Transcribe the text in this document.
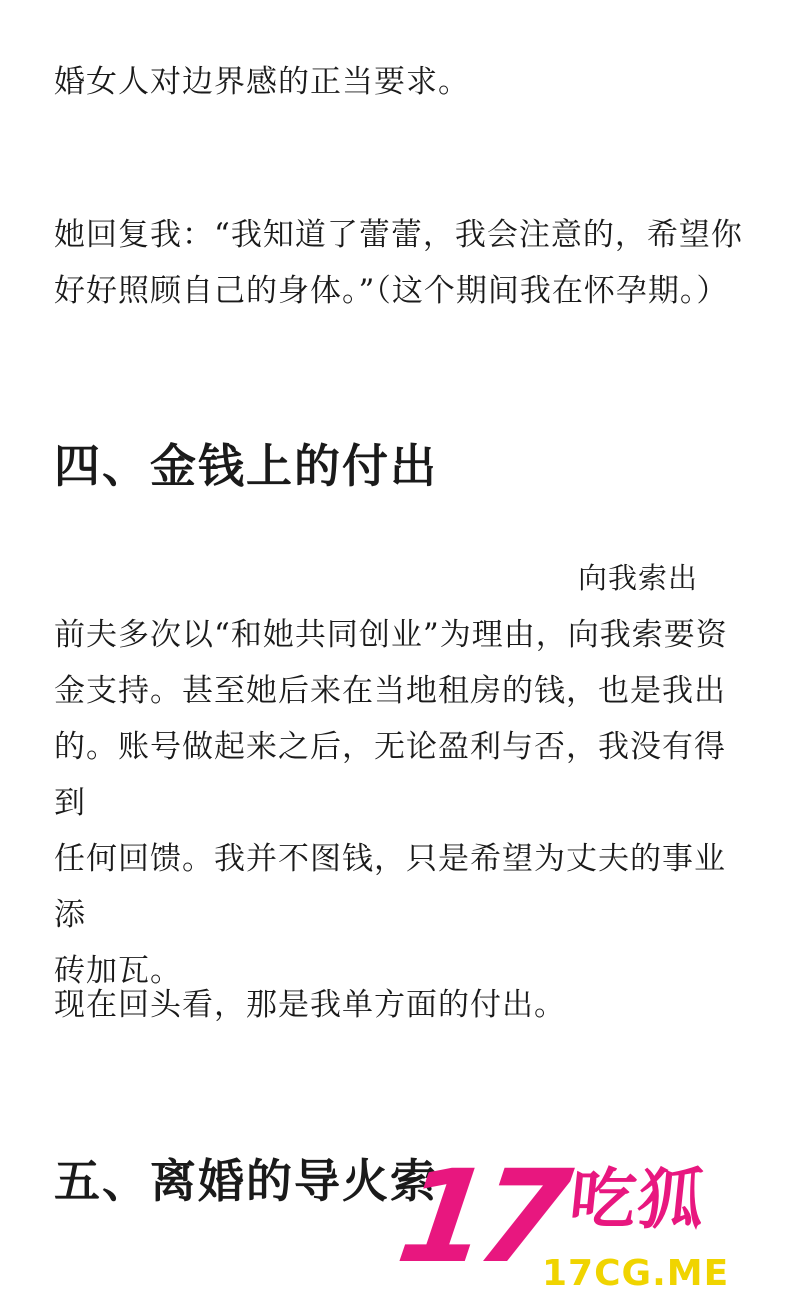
婚女人对边界感的正当要求。

她回复我：“我知道了蕾蕾，我会注意的，希望你
好好照顾自己的身体。”（这个期间我在怀孕期。）

四、金钱上的付出
向我索出

前夫多次以“和她共同创业”为理由，向我索要资
金支持。甚至她后来在当地租房的钱，也是我出
的。账号做起来之后，无论盈利与否，我没有得到
任何回馈。我并不图钱，只是希望为丈夫的事业添
砖加瓦。

现在回头看，那是我单方面的付出。

五、离婚的导火索
17
吃狐
17CG.ME
